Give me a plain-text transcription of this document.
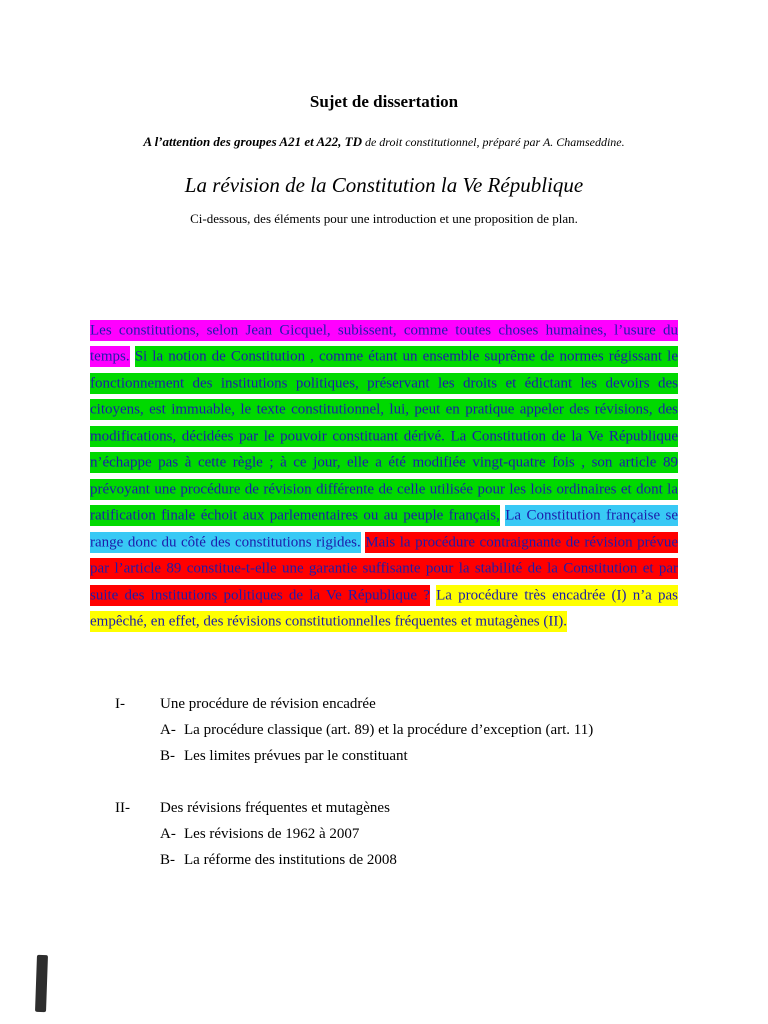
Sujet de dissertation

A l’attention des groupes A21 et A22, TD de droit constitutionnel, préparé par A. Chamseddine.

La révision de la Constitution la Ve République

Ci-dessous, des éléments pour une introduction et une proposition de plan.

Les constitutions, selon Jean Gicquel, subissent, comme toutes choses humaines, l’usure du temps. Si la notion de Constitution , comme étant un ensemble suprême de normes régissant le fonctionnement des institutions politiques, préservant les droits et édictant les devoirs des citoyens, est immuable, le texte constitutionnel, lui, peut en pratique appeler des révisions, des modifications, décidées par le pouvoir constituant dérivé. La Constitution de la Ve République n’échappe pas à cette règle ; à ce jour, elle a été modifiée vingt-quatre fois , son article 89 prévoyant une procédure de révision différente de celle utilisée pour les lois ordinaires et dont la ratification finale échoit aux parlementaires ou au peuple français, La Constitution française se range donc du côté des constitutions rigides. Mais la procédure contraignante de révision prévue par l’article 89 constitue-t-elle une garantie suffisante pour la stabilité de la Constitution et par suite des institutions politiques de la Ve République ? La procédure très encadrée (I) n’a pas empêché, en effet, des révisions constitutionnelles fréquentes et mutagènes (II).

I-	Une procédure de révision encadrée
A- La procédure classique (art. 89) et la procédure d’exception (art. 11)
B- Les limites prévues par le constituant
II-	Des révisions fréquentes et mutagènes
A- Les révisions de 1962 à 2007
B- La réforme des institutions de 2008
